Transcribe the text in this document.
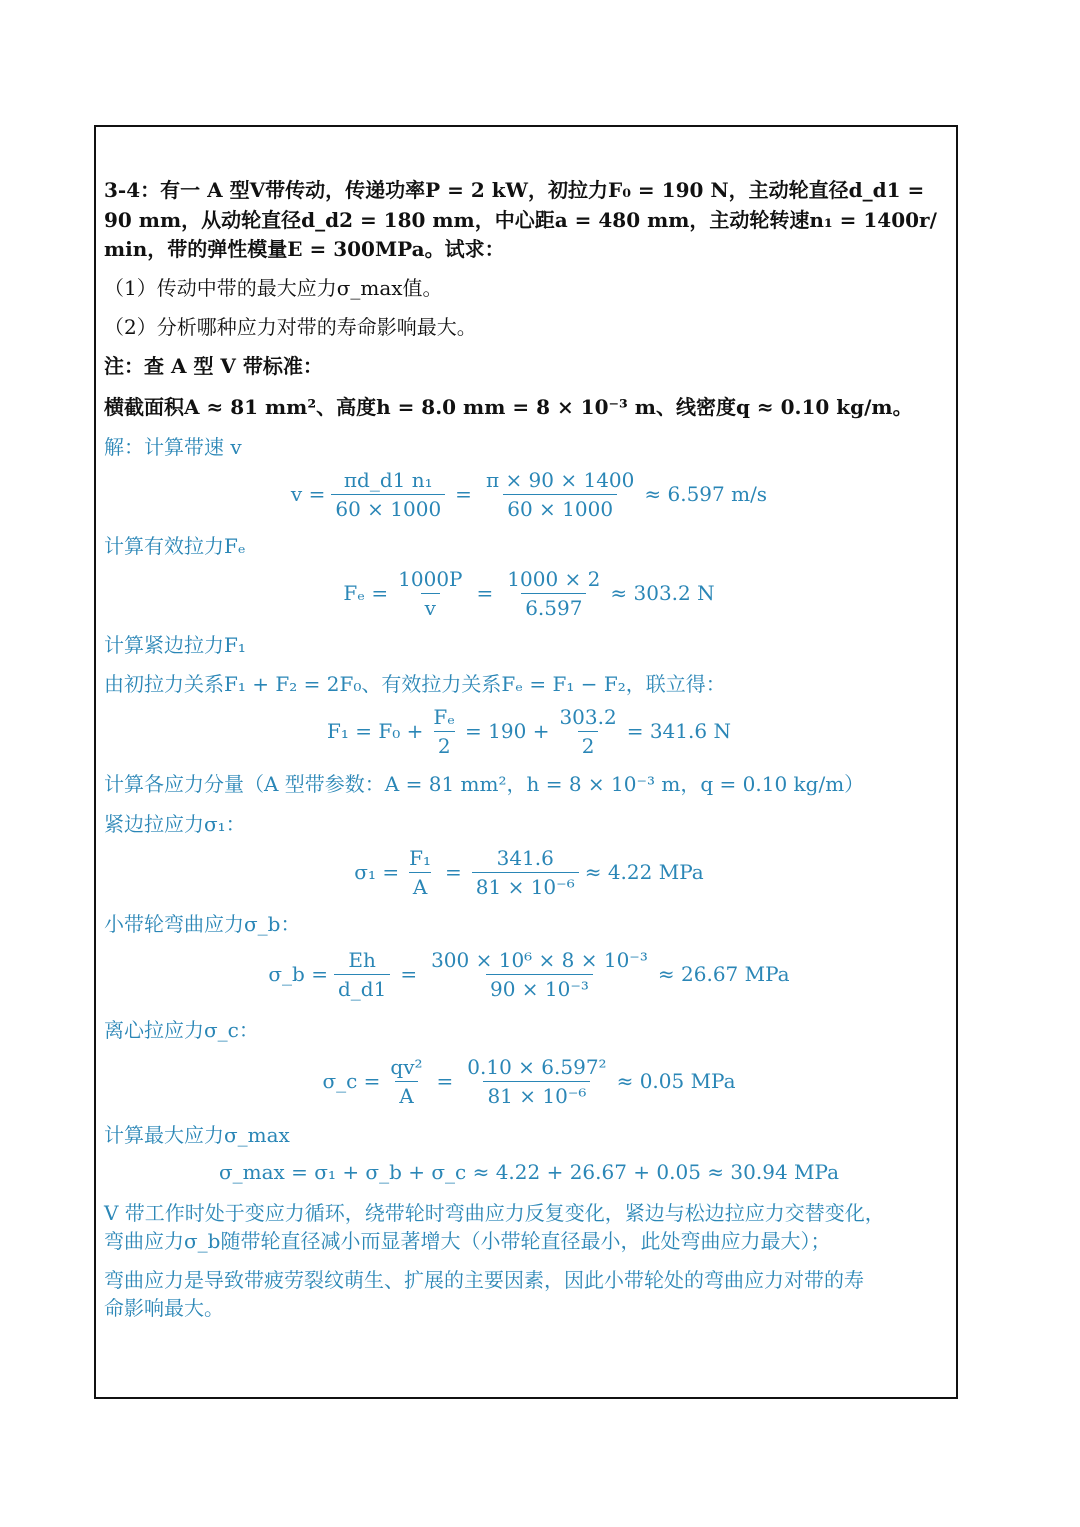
3-4：有一 A 型V带传动，传递功率P = 2 kW，初拉力F₀ = 190 N，主动轮直径d_d1 =
90 mm，从动轮直径d_d2 = 180 mm，中心距a = 480 mm，主动轮转速n₁ = 1400r/
min，带的弹性模量E = 300MPa。试求：
（1）传动中带的最大应力σ_max值。
（2）分析哪种应力对带的寿命影响最大。
注：查 A 型 V 带标准：
横截面积A ≈ 81 mm²、高度h = 8.0 mm = 8 × 10⁻³ m、线密度q ≈ 0.10 kg/m。
解：计算带速 v
$v = \frac{\text{πd\_d1 n₁}}{60 \times 1000} = \frac{\pi \times 90 \times 1400}{60 \times 1000} \approx 6.597$ m/s
计算有效拉力Fₑ
$F_e = \frac{1000P}{v} = \frac{1000 \times 2}{6.597} \approx 303.2$ N
计算紧边拉力F₁
由初拉力关系F₁ + F₂ = 2F₀、有效拉力关系Fₑ = F₁ − F₂，联立得：
$F_1 = F_0 + \frac{\text{Fₑ}}{2} = 190 + \frac{303.2}{2} = 341.6$ N
计算各应力分量（A 型带参数：A = 81 mm²，h = 8 × 10⁻³ m，q = 0.10 kg/m）
紧边拉应力σ₁：
$\sigma_1 = \frac{\text{F₁}}{A} = \frac{341.6}{\text{81 × 10⁻⁶}} \approx 4.22$ MPa
小带轮弯曲应力σ_b：
σ_b = $\frac{Eh}{d\_d1} = \frac{\text{300 × 10⁶ × 8 × 10⁻³}}{\text{90 × 10⁻³}} \approx 26.67$ MPa
离心拉应力σ_c：
σ_c = $\frac{\text{qv²}}{A} = \frac{\text{0.10 × 6.597²}}{\text{81 × 10⁻⁶}} \approx 0.05$ MPa
计算最大应力σ_max
σ_max = σ₁ + σ_b + σ_c ≈ 4.22 + 26.67 + 0.05 ≈ 30.94 MPa
V 带工作时处于变应力循环，绕带轮时弯曲应力反复变化，紧边与松边拉应力交替变化，
弯曲应力σ_b随带轮直径减小而显著增大（小带轮直径最小，此处弯曲应力最大）；
弯曲应力是导致带疲劳裂纹萌生、扩展的主要因素，因此小带轮处的弯曲应力对带的寿
命影响最大。
